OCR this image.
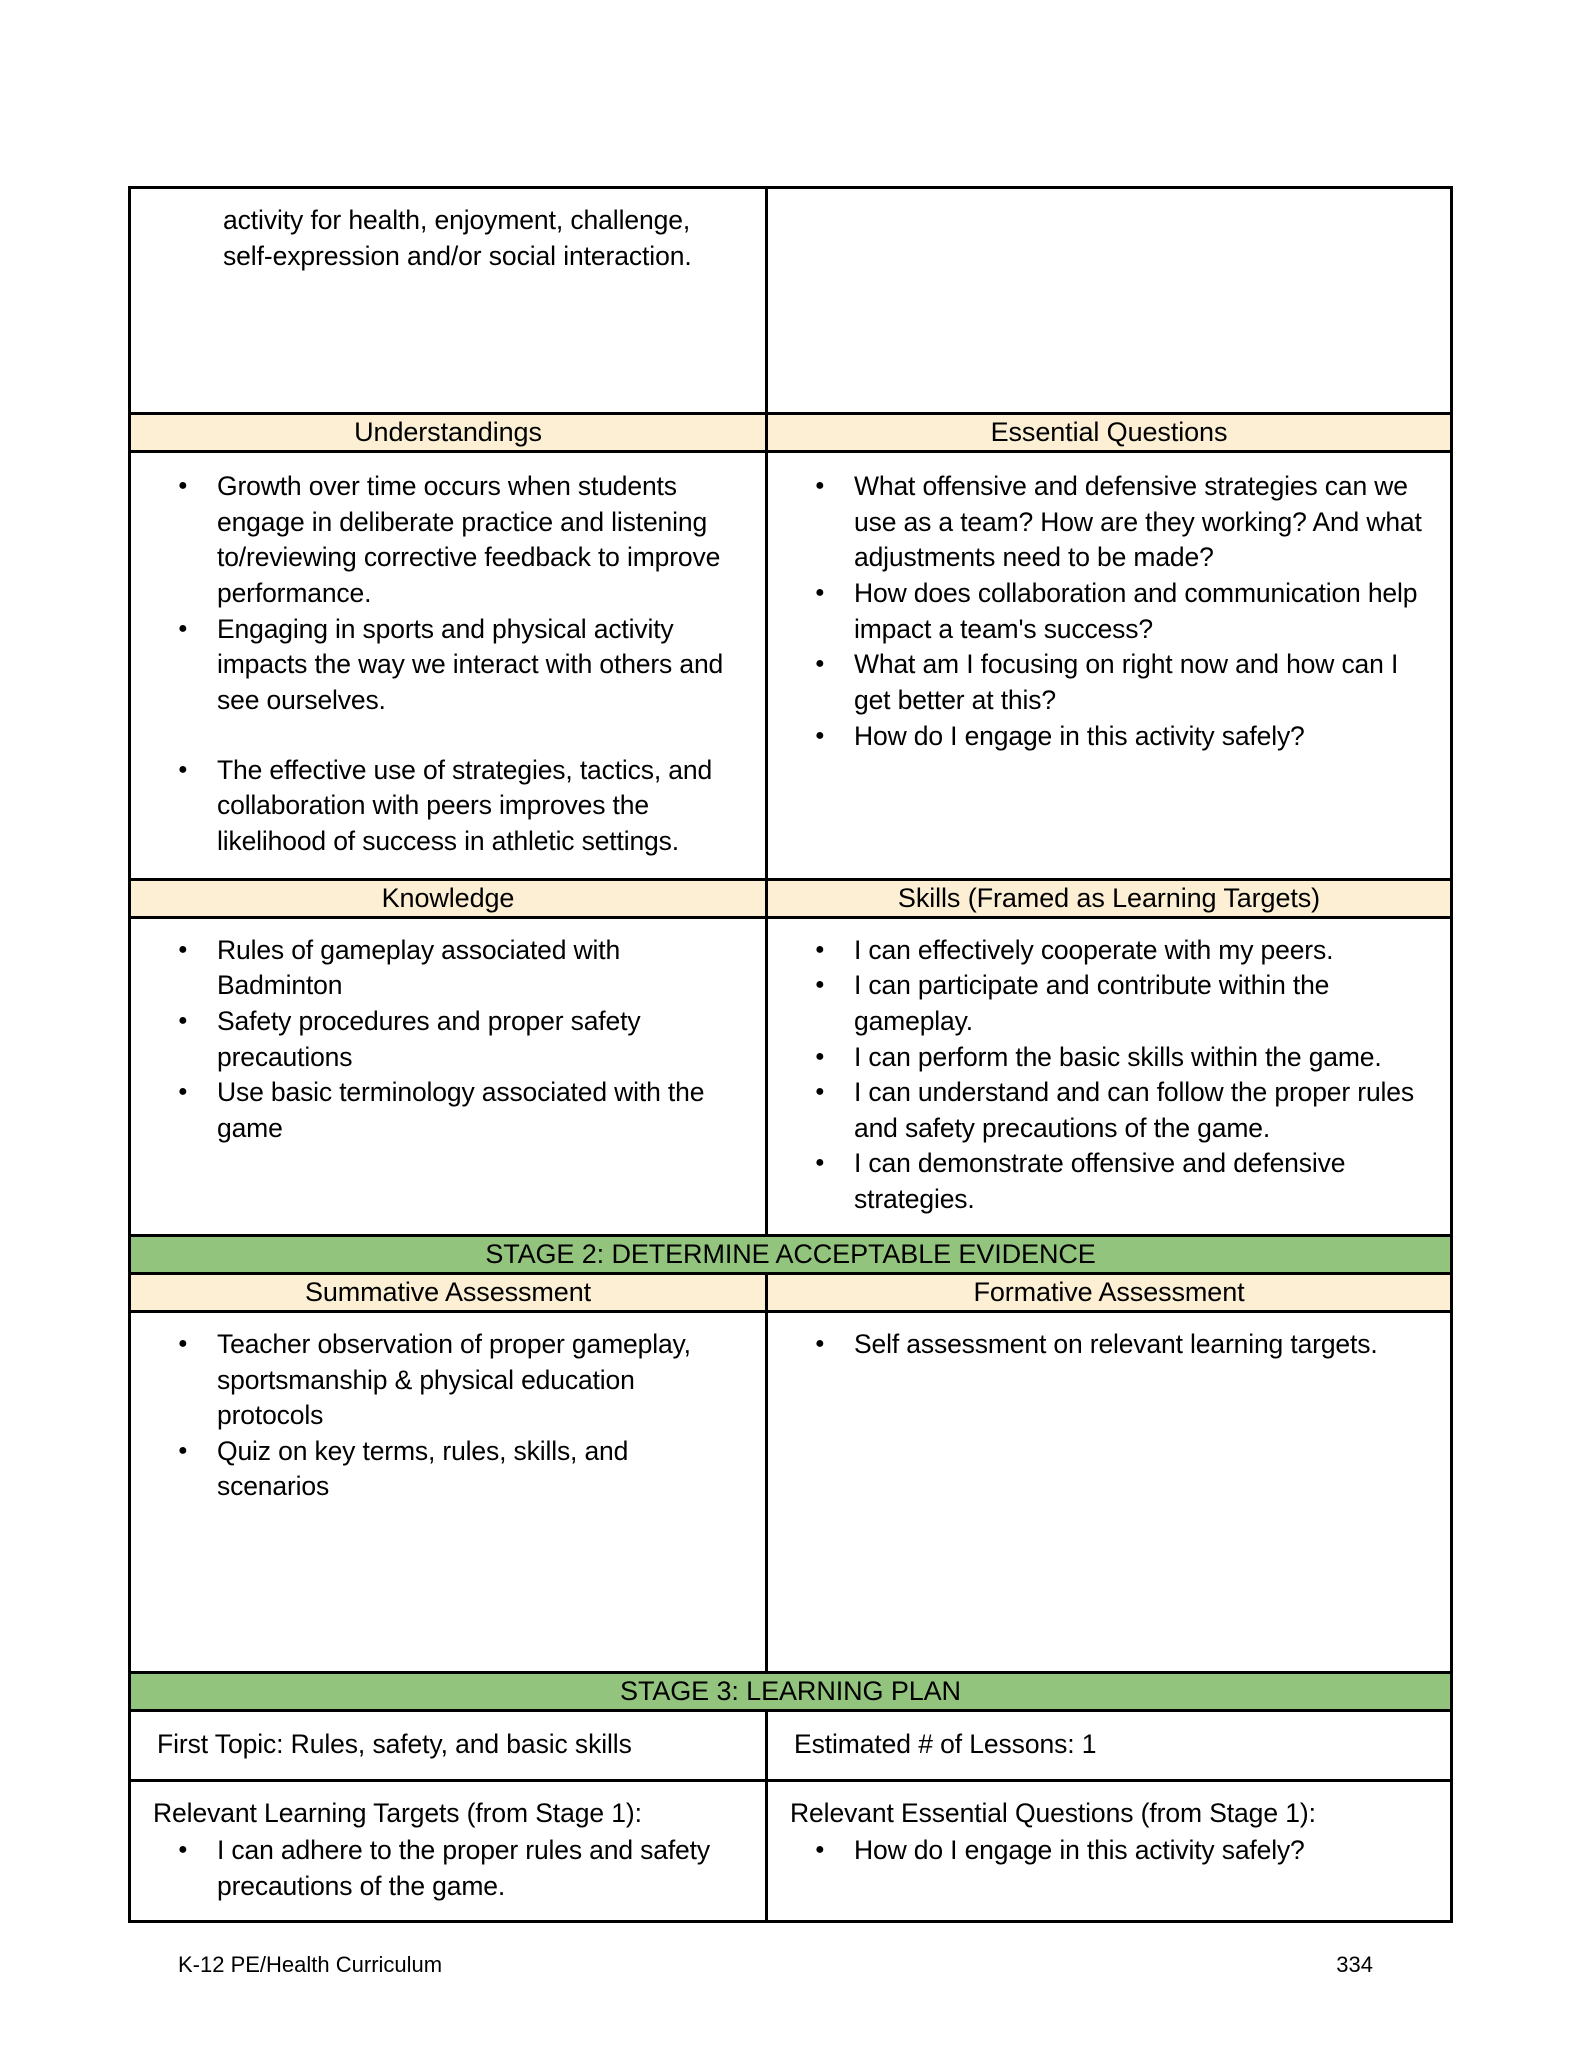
activity for health, enjoyment, challenge, self-expression and/or social interaction.	

Understandings	Essential Questions

● Growth over time occurs when students engage in deliberate practice and listening to/reviewing corrective feedback to improve performance.
● Engaging in sports and physical activity impacts the way we interact with others and see ourselves.
● The effective use of strategies, tactics, and collaboration with peers improves the likelihood of success in athletic settings.

● What offensive and defensive strategies can we use as a team? How are they working? And what adjustments need to be made?
● How does collaboration and communication help impact a team's success?
● What am I focusing on right now and how can I get better at this?
● How do I engage in this activity safely?

Knowledge	Skills (Framed as Learning Targets)

● Rules of gameplay associated with Badminton
● Safety procedures and proper safety precautions
● Use basic terminology associated with the game

● I can effectively cooperate with my peers.
● I can participate and contribute within the gameplay.
● I can perform the basic skills within the game.
● I can understand and can follow the proper rules and safety precautions of the game.
● I can demonstrate offensive and defensive strategies.

STAGE 2: DETERMINE ACCEPTABLE EVIDENCE	
Summative Assessment	Formative Assessment

● Teacher observation of proper gameplay, sportsmanship & physical education protocols
● Quiz on key terms, rules, skills, and scenarios

● Self assessment on relevant learning targets.

STAGE 3: LEARNING PLAN	

First Topic: Rules, safety, and basic skills	Estimated # of Lessons: 1

Relevant Learning Targets (from Stage 1):
● I can adhere to the proper rules and safety precautions of the game.

Relevant Essential Questions (from Stage 1):
● How do I engage in this activity safely?
K-12 PE/Health Curriculum	334
